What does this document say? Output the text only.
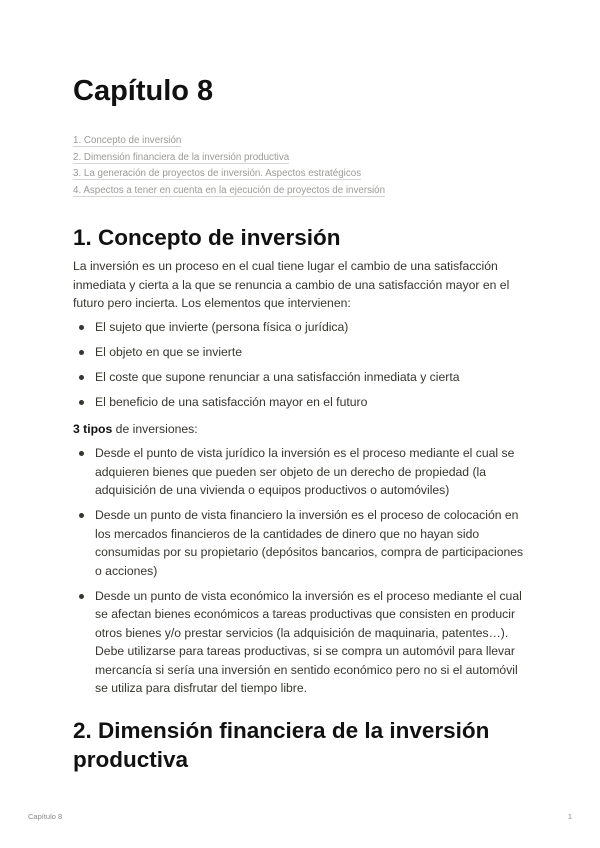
Capítulo 8
1. Concepto de inversión
2. Dimensión financiera de la inversión productiva
3. La generación de proyectos de inversión. Aspectos estratégicos
4. Aspectos a tener en cuenta en la ejecución de proyectos de inversión
1. Concepto de inversión

La inversión es un proceso en el cual tiene lugar el cambio de una satisfacción inmediata y cierta a la que se renuncia a cambio de una satisfacción mayor en el futuro pero incierta. Los elementos que intervienen:

El sujeto que invierte (persona física o jurídica)
El objeto en que se invierte
El coste que supone renunciar a una satisfacción inmediata y cierta
El beneficio de una satisfacción mayor en el futuro

3 tipos de inversiones:

Desde el punto de vista jurídico la inversión es el proceso mediante el cual se adquieren bienes que pueden ser objeto de un derecho de propiedad (la adquisición de una vivienda o equipos productivos o automóviles)
Desde un punto de vista financiero la inversión es el proceso de colocación en los mercados financieros de la cantidades de dinero que no hayan sido consumidas por su propietario (depósitos bancarios, compra de participaciones o acciones)
Desde un punto de vista económico la inversión es el proceso mediante el cual se afectan bienes económicos a tareas productivas que consisten en producir otros bienes y/o prestar servicios (la adquisición de maquinaria, patentes…). Debe utilizarse para tareas productivas, si se compra un automóvil para llevar mercancía si sería una inversión en sentido económico pero no si el automóvil se utiliza para disfrutar del tiempo libre.
2. Dimensión financiera de la inversión productiva
Capítulo 8	1
